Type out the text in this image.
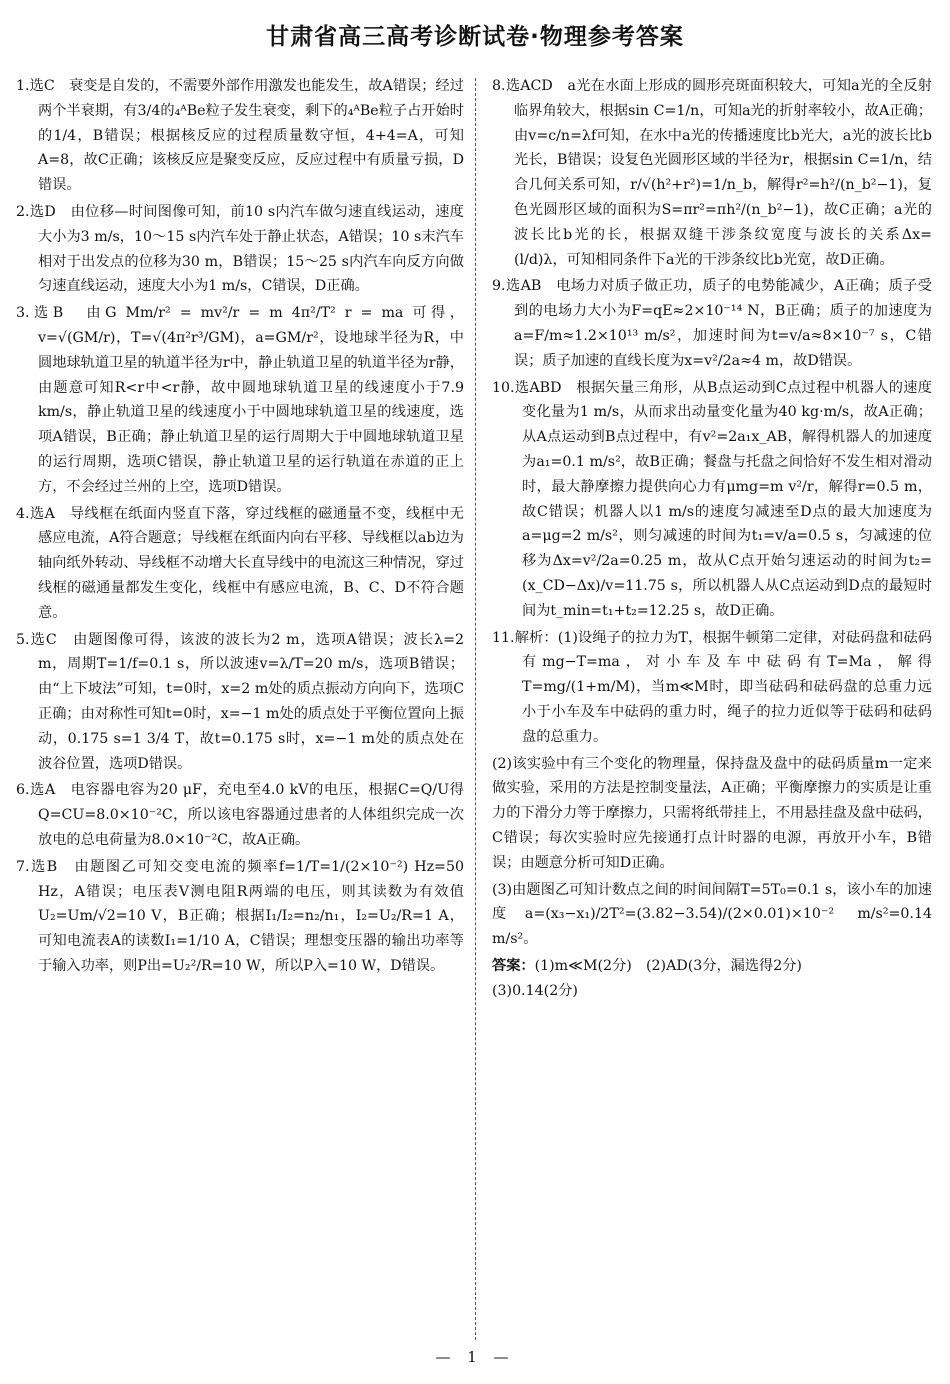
甘肃省高三高考诊断试卷·物理参考答案

1.选C　衰变是自发的，不需要外部作用激发也能发生，故A错误；经过两个半衰期，有3/4的₄ᴬBe粒子发生衰变，剩下的₄ᴬBe粒子占开始时的1/4，B错误；根据核反应的过程质量数守恒，4+4=A，可知A=8，故C正确；该核反应是聚变反应，反应过程中有质量亏损，D错误。

2.选D　由位移—时间图像可知，前10 s内汽车做匀速直线运动，速度大小为3 m/s，10～15 s内汽车处于静止状态，A错误；10 s末汽车相对于出发点的位移为30 m，B错误；15～25 s内汽车向反方向做匀速直线运动，速度大小为1 m/s，C错误，D正确。

3.选B　由G Mm/r² = mv²/r = m 4π²/T² r = ma 可得，v=√(GM/r)，T=√(4π²r³/GM)，a=GM/r²，设地球半径为R，中圆地球轨道卫星的轨道半径为r中，静止轨道卫星的轨道半径为r静，由题意可知R<r中<r静，故中圆地球轨道卫星的线速度小于7.9 km/s，静止轨道卫星的线速度小于中圆地球轨道卫星的线速度，选项A错误，B正确；静止轨道卫星的运行周期大于中圆地球轨道卫星的运行周期，选项C错误，静止轨道卫星的运行轨道在赤道的正上方，不会经过兰州的上空，选项D错误。

4.选A　导线框在纸面内竖直下落，穿过线框的磁通量不变，线框中无感应电流，A符合题意；导线框在纸面内向右平移、导线框以ab边为轴向纸外转动、导线框不动增大长直导线中的电流这三种情况，穿过线框的磁通量都发生变化，线框中有感应电流，B、C、D不符合题意。

5.选C　由题图像可得，该波的波长为2 m，选项A错误；波长λ=2 m，周期T=1/f=0.1 s，所以波速v=λ/T=20 m/s，选项B错误；由“上下坡法”可知，t=0时，x=2 m处的质点振动方向向下，选项C正确；由对称性可知t=0时，x=−1 m处的质点处于平衡位置向上振动，0.175 s=1 3/4 T，故t=0.175 s时，x=−1 m处的质点处在波谷位置，选项D错误。

6.选A　电容器电容为20 μF，充电至4.0 kV的电压，根据C=Q/U得Q=CU=8.0×10⁻²C，所以该电容器通过患者的人体组织完成一次放电的总电荷量为8.0×10⁻²C，故A正确。

7.选B　由题图乙可知交变电流的频率f=1/T=1/(2×10⁻²) Hz=50 Hz，A错误；电压表V测电阻R两端的电压，则其读数为有效值U₂=Um/√2=10 V，B正确；根据I₁/I₂=n₂/n₁，I₂=U₂/R=1 A，可知电流表A的读数I₁=1/10 A，C错误；理想变压器的输出功率等于输入功率，则P出=U₂²/R=10 W，所以P入=10 W，D错误。

8.选ACD　a光在水面上形成的圆形亮斑面积较大，可知a光的全反射临界角较大，根据sin C=1/n，可知a光的折射率较小，故A正确；由v=c/n=λf可知，在水中a光的传播速度比b光大，a光的波长比b光长，B错误；设复色光圆形区域的半径为r，根据sin C=1/n，结合几何关系可知，r/√(h²+r²)=1/n_b，解得r²=h²/(n_b²−1)，复色光圆形区域的面积为S=πr²=πh²/(n_b²−1)，故C正确；a光的波长比b光的长，根据双缝干涉条纹宽度与波长的关系Δx=(l/d)λ，可知相同条件下a光的干涉条纹比b光宽，故D正确。

9.选AB　电场力对质子做正功，质子的电势能减少，A正确；质子受到的电场力大小为F=qE≈2×10⁻¹⁴ N，B正确；质子的加速度为a=F/m≈1.2×10¹³ m/s²，加速时间为t=v/a≈8×10⁻⁷ s，C错误；质子加速的直线长度为x=v²/2a≈4 m，故D错误。

10.选ABD　根据矢量三角形，从B点运动到C点过程中机器人的速度变化量为1 m/s，从而求出动量变化量为40 kg·m/s，故A正确；从A点运动到B点过程中，有v²=2a₁x_AB，解得机器人的加速度为a₁=0.1 m/s²，故B正确；餐盘与托盘之间恰好不发生相对滑动时，最大静摩擦力提供向心力有μmg=m v²/r，解得r=0.5 m，故C错误；机器人以1 m/s的速度匀减速至D点的最大加速度为a=μg=2 m/s²，则匀减速的时间为t₁=v/a=0.5 s，匀减速的位移为Δx=v²/2a=0.25 m，故从C点开始匀速运动的时间为t₂=(x_CD−Δx)/v=11.75 s，所以机器人从C点运动到D点的最短时间为t_min=t₁+t₂=12.25 s，故D正确。

11.解析：(1)设绳子的拉力为T，根据牛顿第二定律，对砝码盘和砝码有mg−T=ma，对小车及车中砝码有T=Ma，解得T=mg/(1+m/M)，当m≪M时，即当砝码和砝码盘的总重力远小于小车及车中砝码的重力时，绳子的拉力近似等于砝码和砝码盘的总重力。

(2)该实验中有三个变化的物理量，保持盘及盘中的砝码质量m一定来做实验，采用的方法是控制变量法，A正确；平衡摩擦力的实质是让重力的下滑分力等于摩擦力，只需将纸带挂上，不用悬挂盘及盘中砝码，C错误；每次实验时应先接通打点计时器的电源，再放开小车，B错误；由题意分析可知D正确。

(3)由题图乙可知计数点之间的时间间隔T=5T₀=0.1 s，该小车的加速度a=(x₃−x₁)/2T²=(3.82−3.54)/(2×0.01)×10⁻² m/s²=0.14 m/s²。

答案：(1)m≪M(2分)　(2)AD(3分，漏选得2分)

(3)0.14(2分)

— 1 —
